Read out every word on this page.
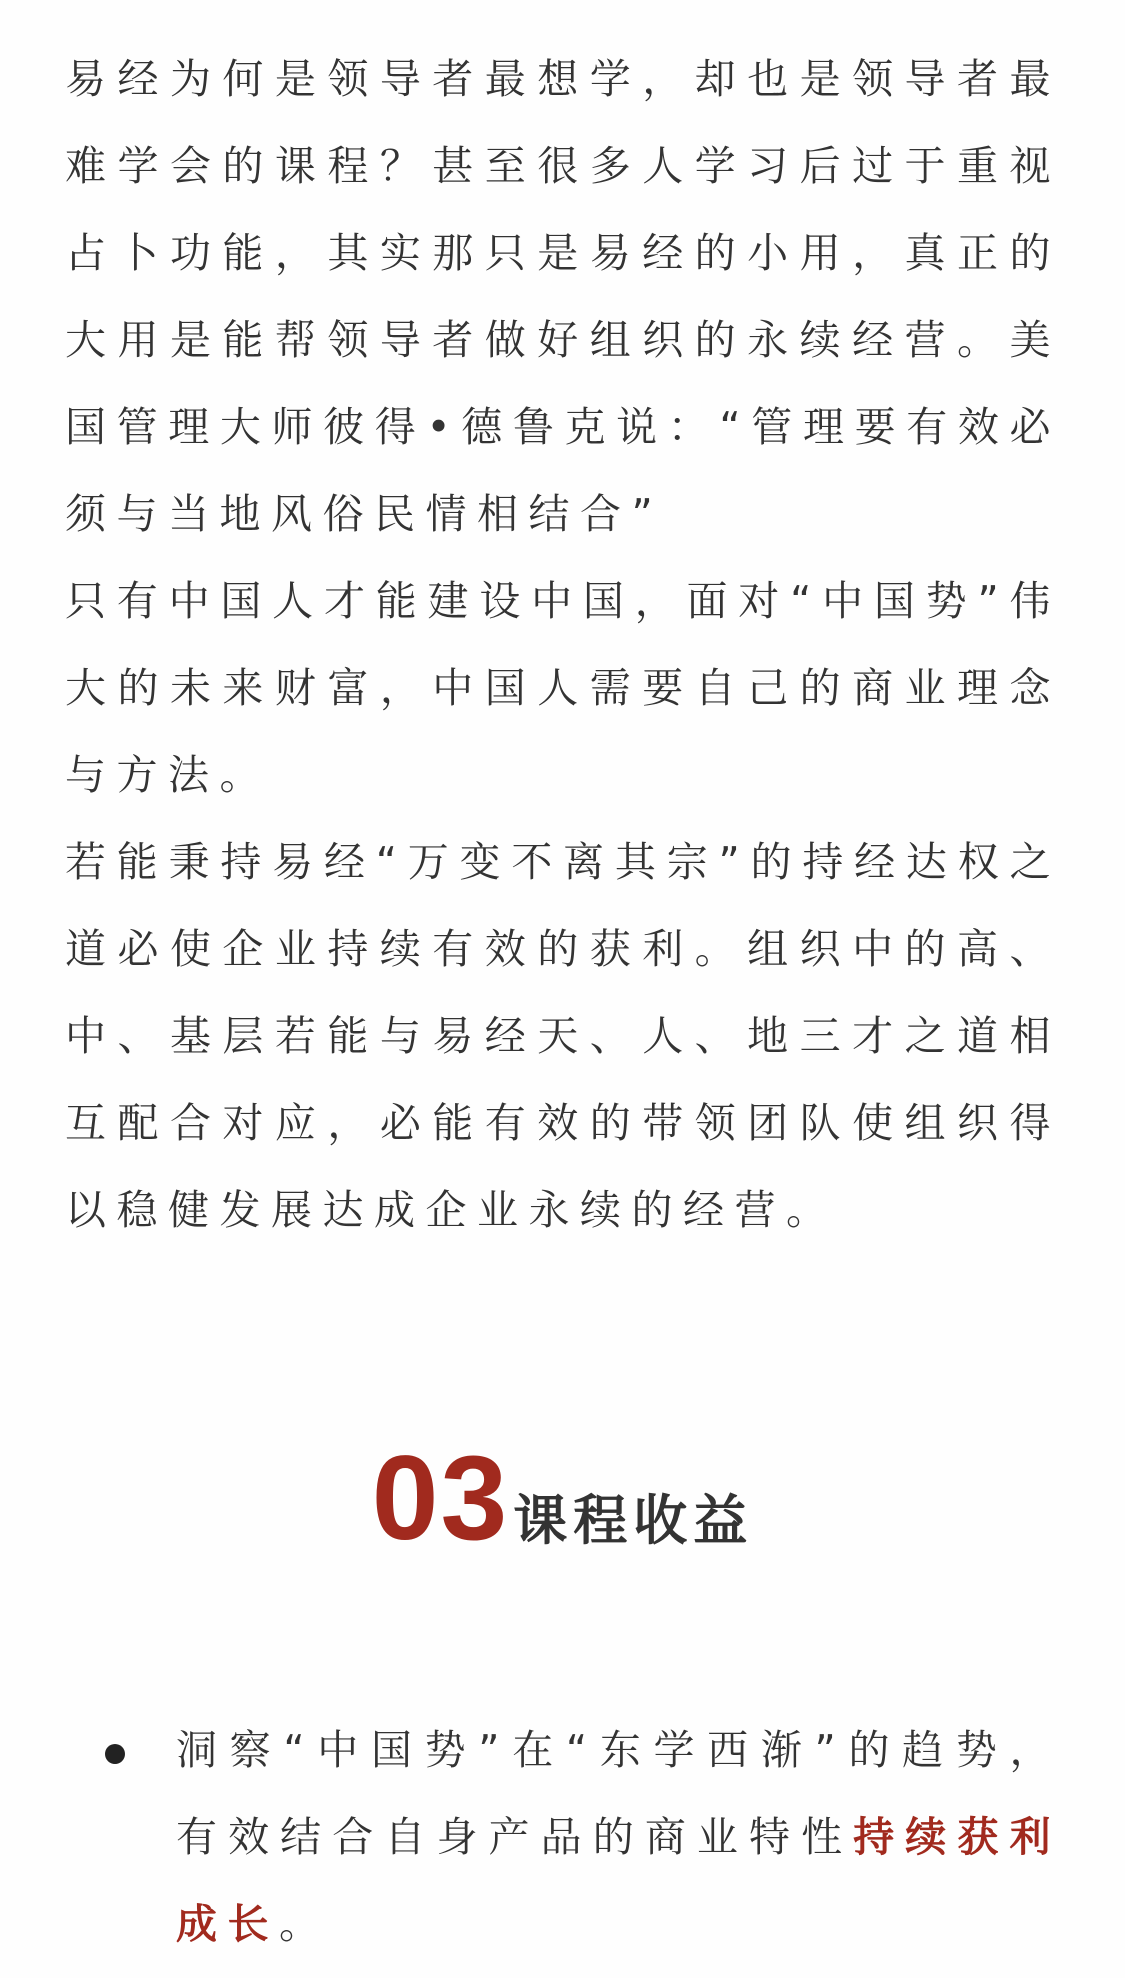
易经为何是领导者最想学，却也是领导者最难学会的课程？甚至很多人学习后过于重视占卜功能，其实那只是易经的小用，真正的大用是能帮领导者做好组织的永续经营。美国管理大师彼得•德鲁克说：“管理要有效必须与当地风俗民情相结合”

只有中国人才能建设中国，面对“中国势”伟大的未来财富，中国人需要自己的商业理念与方法。

若能秉持易经“万变不离其宗”的持经达权之道必使企业持续有效的获利。组织中的高、中、基层若能与易经天、人、地三才之道相互配合对应，必能有效的带领团队使组织得以稳健发展达成企业永续的经营。

03课程收益

洞察“中国势”在“东学西渐”的趋势，有效结合自身产品的商业特性持续获利成长。
